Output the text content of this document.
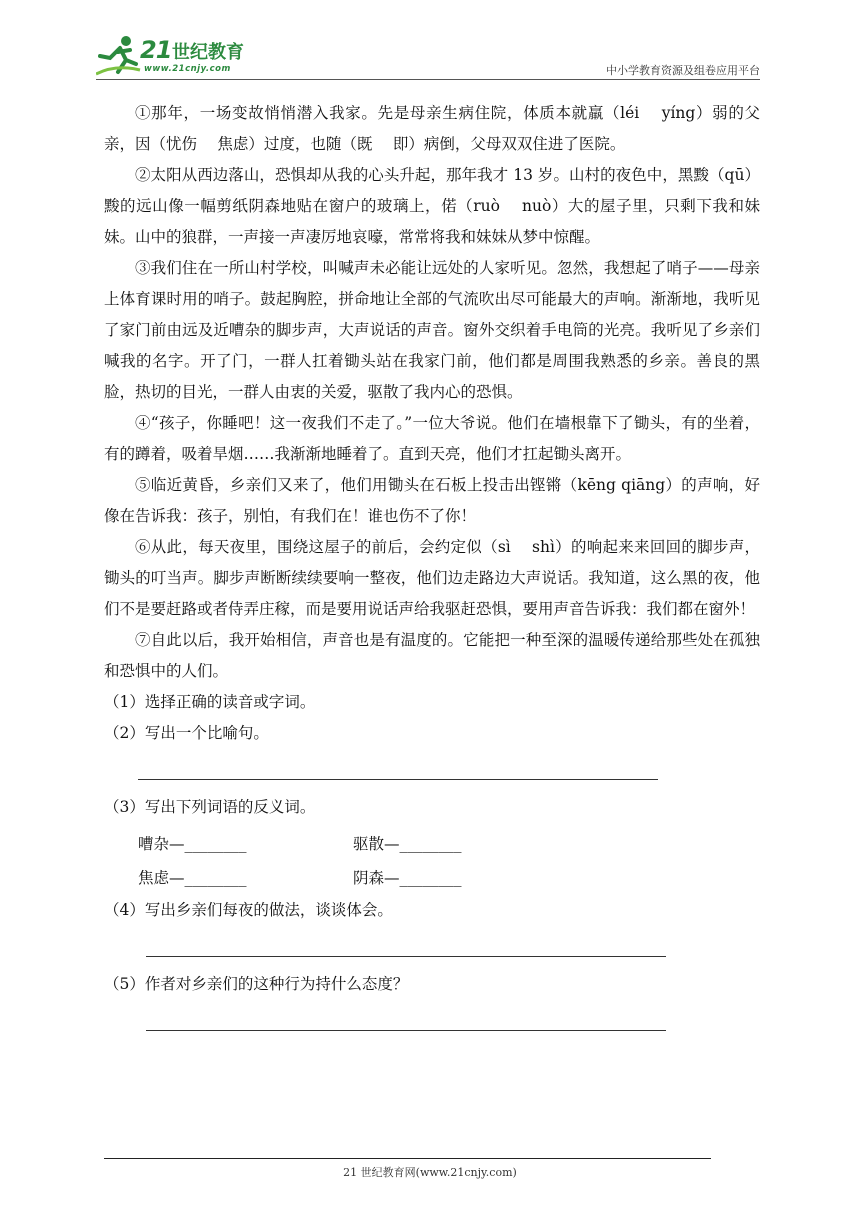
21 世纪教育
www.21cnjy.com	中小学教育资源及组卷应用平台

①那年，一场变故悄悄潜入我家。先是母亲生病住院，体质本就羸（léi　 yíng）弱的父亲，因（忧伤　 焦虑）过度，也随（既　 即）病倒，父母双双住进了医院。

②太阳从西边落山，恐惧却从我的心头升起，那年我才 13 岁。山村的夜色中，黑黢（qū）黢的远山像一幅剪纸阴森地贴在窗户的玻璃上，偌（ruò　 nuò）大的屋子里，只剩下我和妹妹。山中的狼群，一声接一声凄厉地哀嚎，常常将我和妹妹从梦中惊醒。

③我们住在一所山村学校，叫喊声未必能让远处的人家听见。忽然，我想起了哨子——母亲上体育课时用的哨子。鼓起胸腔，拼命地让全部的气流吹出尽可能最大的声响。渐渐地，我听见了家门前由远及近嘈杂的脚步声，大声说话的声音。窗外交织着手电筒的光亮。我听见了乡亲们喊我的名字。开了门，一群人扛着锄头站在我家门前，他们都是周围我熟悉的乡亲。善良的黑脸，热切的目光，一群人由衷的关爱，驱散了我内心的恐惧。

④“孩子，你睡吧！这一夜我们不走了。”一位大爷说。他们在墙根靠下了锄头，有的坐着，有的蹲着，吸着旱烟……我渐渐地睡着了。直到天亮，他们才扛起锄头离开。

⑤临近黄昏，乡亲们又来了，他们用锄头在石板上投击出铿锵（kēng qiāng）的声响，好像在告诉我：孩子，别怕，有我们在！谁也伤不了你！

⑥从此，每天夜里，围绕这屋子的前后，会约定似（sì　 shì）的响起来来回回的脚步声，锄头的叮当声。脚步声断断续续要响一整夜，他们边走路边大声说话。我知道，这么黑的夜，他们不是要赶路或者侍弄庄稼，而是要用说话声给我驱赶恐惧，要用声音告诉我：我们都在窗外！

⑦自此以后，我开始相信，声音也是有温度的。它能把一种至深的温暖传递给那些处在孤独和恐惧中的人们。

（1）选择正确的读音或字词。

（2）写出一个比喻句。

（3）写出下列词语的反义词。

嘈杂—________	驱散—________
焦虑—________	阴森—________

（4）写出乡亲们每夜的做法，谈谈体会。

（5）作者对乡亲们的这种行为持什么态度？

21 世纪教育网(www.21cnjy.com)
